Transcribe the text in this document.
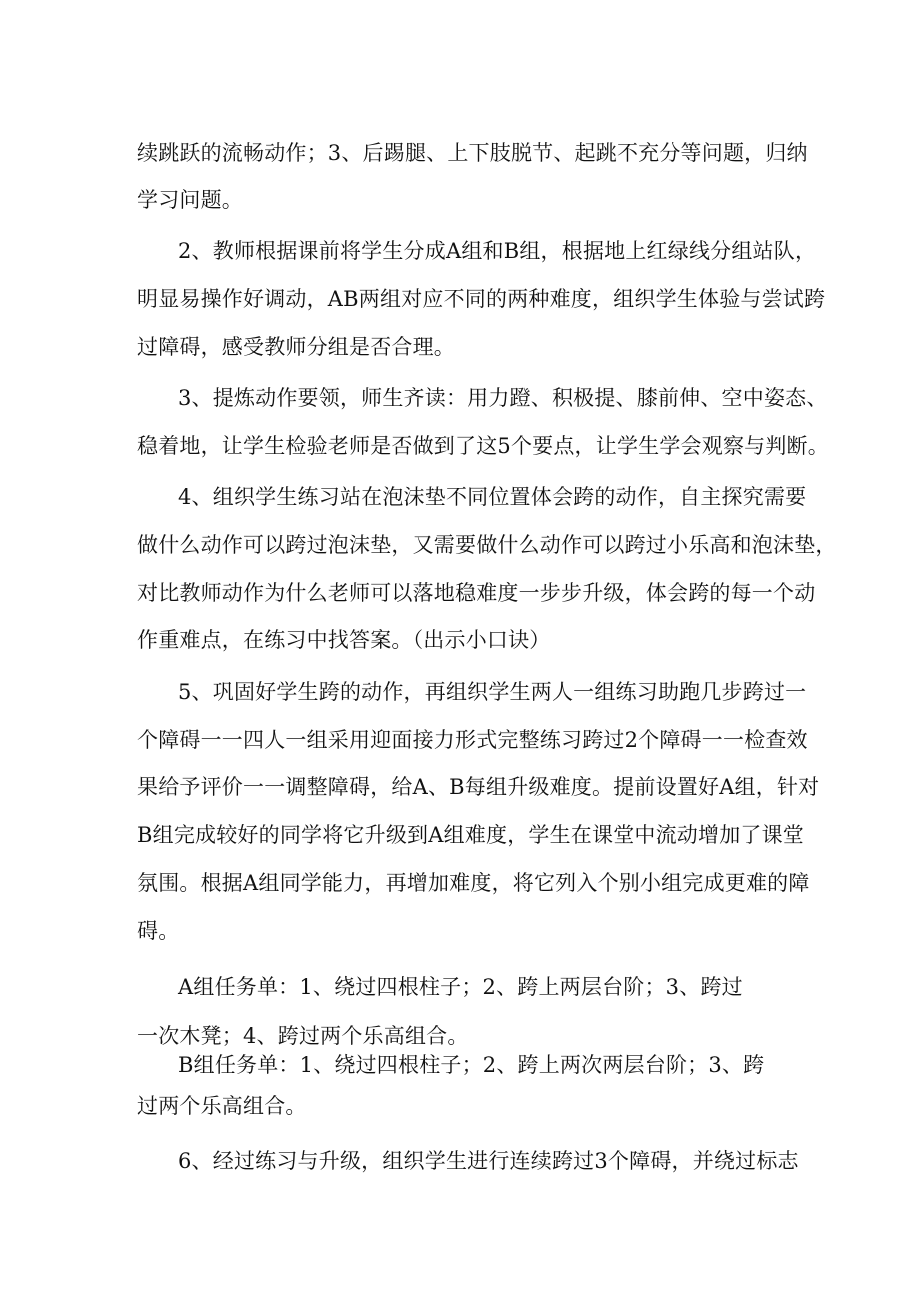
续跳跃的流畅动作；3、后踢腿、上下肢脱节、起跳不充分等问题，归纳

学习问题。

2、教师根据课前将学生分成A组和B组，根据地上红绿线分组站队，

明显易操作好调动，AB两组对应不同的两种难度，组织学生体验与尝试跨

过障碍，感受教师分组是否合理。

3、提炼动作要领，师生齐读：用力蹬、积极提、膝前伸、空中姿态、

稳着地，让学生检验老师是否做到了这5个要点，让学生学会观察与判断。

4、组织学生练习站在泡沫垫不同位置体会跨的动作，自主探究需要

做什么动作可以跨过泡沫垫，又需要做什么动作可以跨过小乐高和泡沫垫，

对比教师动作为什么老师可以落地稳难度一步步升级，体会跨的每一个动

作重难点，在练习中找答案。（出示小口诀）

5、巩固好学生跨的动作，再组织学生两人一组练习助跑几步跨过一

个障碍一一四人一组采用迎面接力形式完整练习跨过2个障碍一一检查效

果给予评价一一调整障碍，给A、B每组升级难度。提前设置好A组，针对

B组完成较好的同学将它升级到A组难度，学生在课堂中流动增加了课堂

氛围。根据A组同学能力，再增加难度，将它列入个别小组完成更难的障

碍。

A组任务单：1、绕过四根柱子；2、跨上两层台阶；3、跨过

一次木凳；4、跨过两个乐高组合。

B组任务单：1、绕过四根柱子；2、跨上两次两层台阶；3、跨

过两个乐高组合。

6、经过练习与升级，组织学生进行连续跨过3个障碍，并绕过标志
